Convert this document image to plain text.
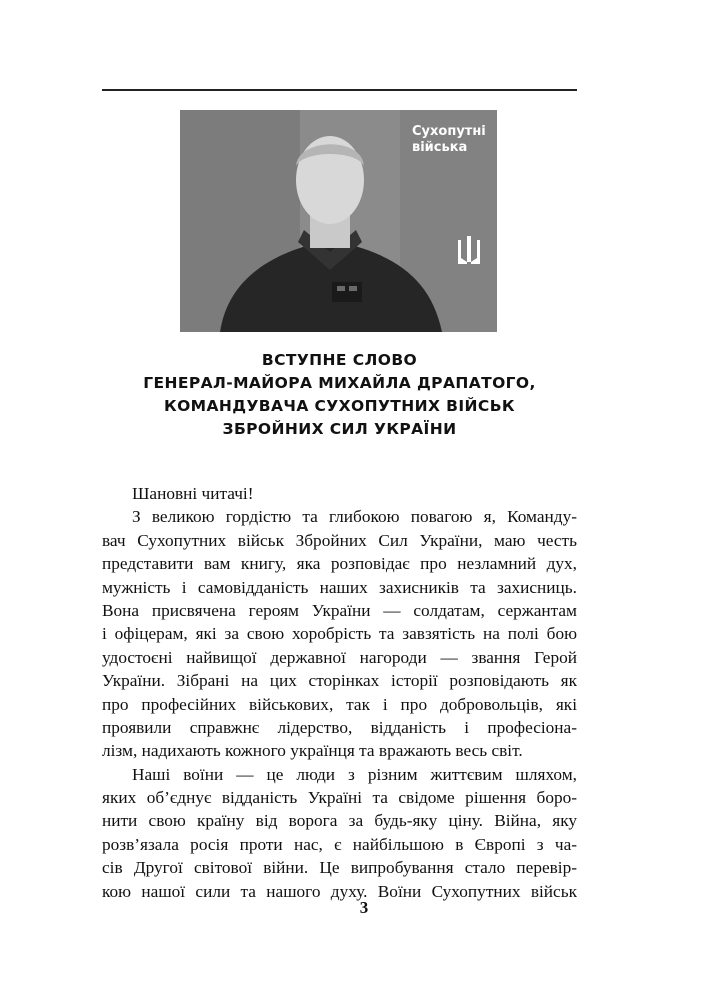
Сухопутні
війська
ВСТУПНЕ СЛОВО
ГЕНЕРАЛ-МАЙОРА МИХАЙЛА ДРАПАТОГО,
КОМАНДУВАЧА СУХОПУТНИХ ВІЙСЬК
ЗБРОЙНИХ СИЛ УКРАЇНИ
Шановні читачі!
З великою гордістю та глибокою повагою я, Команду-
вач Сухопутних військ Збройних Сил України, маю честь
представити вам книгу, яка розповідає про незламний дух,
мужність і самовідданість наших захисників та захисниць.
Вона присвячена героям України — солдатам, сержантам
і офіцерам, які за свою хоробрість та завзятість на полі бою
удостоєні найвищої державної нагороди — звання Герой
України. Зібрані на цих сторінках історії розповідають як
про професійних військових, так і про добровольців, які
проявили справжнє лідерство, відданість і професіона-
лізм, надихають кожного українця та вражають весь світ.
Наші воїни — це люди з різним життєвим шляхом,
яких об’єднує відданість Україні та свідоме рішення боро-
нити свою країну від ворога за будь-яку ціну. Війна, яку
розв’язала росія проти нас, є найбільшою в Європі з ча-
сів Другої світової війни. Це випробування стало перевір-
кою нашої сили та нашого духу. Воїни Сухопутних військ
3
